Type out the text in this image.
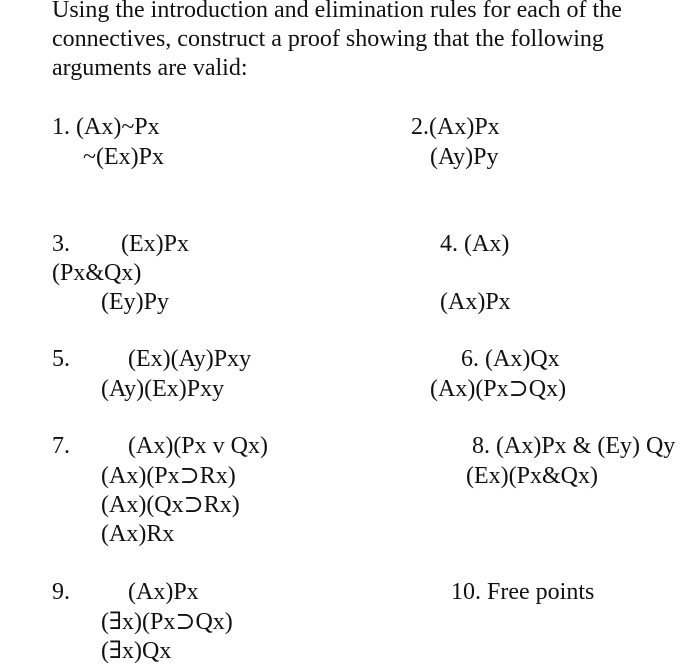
Using the introduction and elimination rules for each of the connectives, construct a proof showing that the following arguments are valid:

1. (Ax)~Px
~(Ex)Px
2.(Ax)Px
(Ay)Py
3. (Ex)Px
(Px&Qx)
(Ey)Py
4. (Ax)
(Ax)Px
5. (Ex)(Ay)Pxy
(Ay)(Ex)Pxy
6. (Ax)Qx
(Ax)(Px⊃Qx)
7. (Ax)(Px v Qx)
(Ax)(Px⊃Rx)
(Ax)(Qx⊃Rx)
(Ax)Rx
8. (Ax)Px & (Ey) Qy
(Ex)(Px&Qx)
9. (Ax)Px
(∃x)(Px⊃Qx)
(∃x)Qx
10. Free points
